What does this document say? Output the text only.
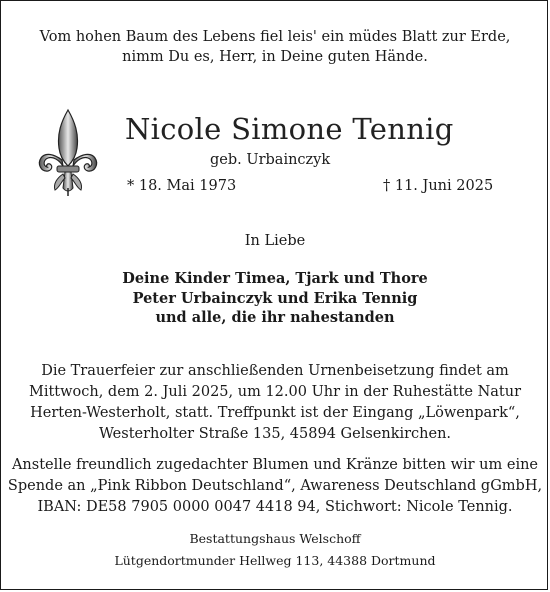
Vom hohen Baum des Lebens fiel leis' ein müdes Blatt zur Erde,
nimm Du es, Herr, in Deine guten Hände.
Nicole Simone Tennig
geb. Urbainczyk
* 18. Mai 1973	† 11. Juni 2025
In Liebe
Deine Kinder Timea, Tjark und Thore
Peter Urbainczyk und Erika Tennig
und alle, die ihr nahestanden
Die Trauerfeier zur anschließenden Urnenbeisetzung findet am
Mittwoch, dem 2. Juli 2025, um 12.00 Uhr in der Ruhestätte Natur
Herten-Westerholt, statt. Treffpunkt ist der Eingang „Löwenpark“,
Westerholter Straße 135, 45894 Gelsenkirchen.
Anstelle freundlich zugedachter Blumen und Kränze bitten wir um eine
Spende an „Pink Ribbon Deutschland“, Awareness Deutschland gGmbH,
IBAN: DE58 7905 0000 0047 4418 94, Stichwort: Nicole Tennig.
Bestattungshaus Welschoff
Lütgendortmunder Hellweg 113, 44388 Dortmund
